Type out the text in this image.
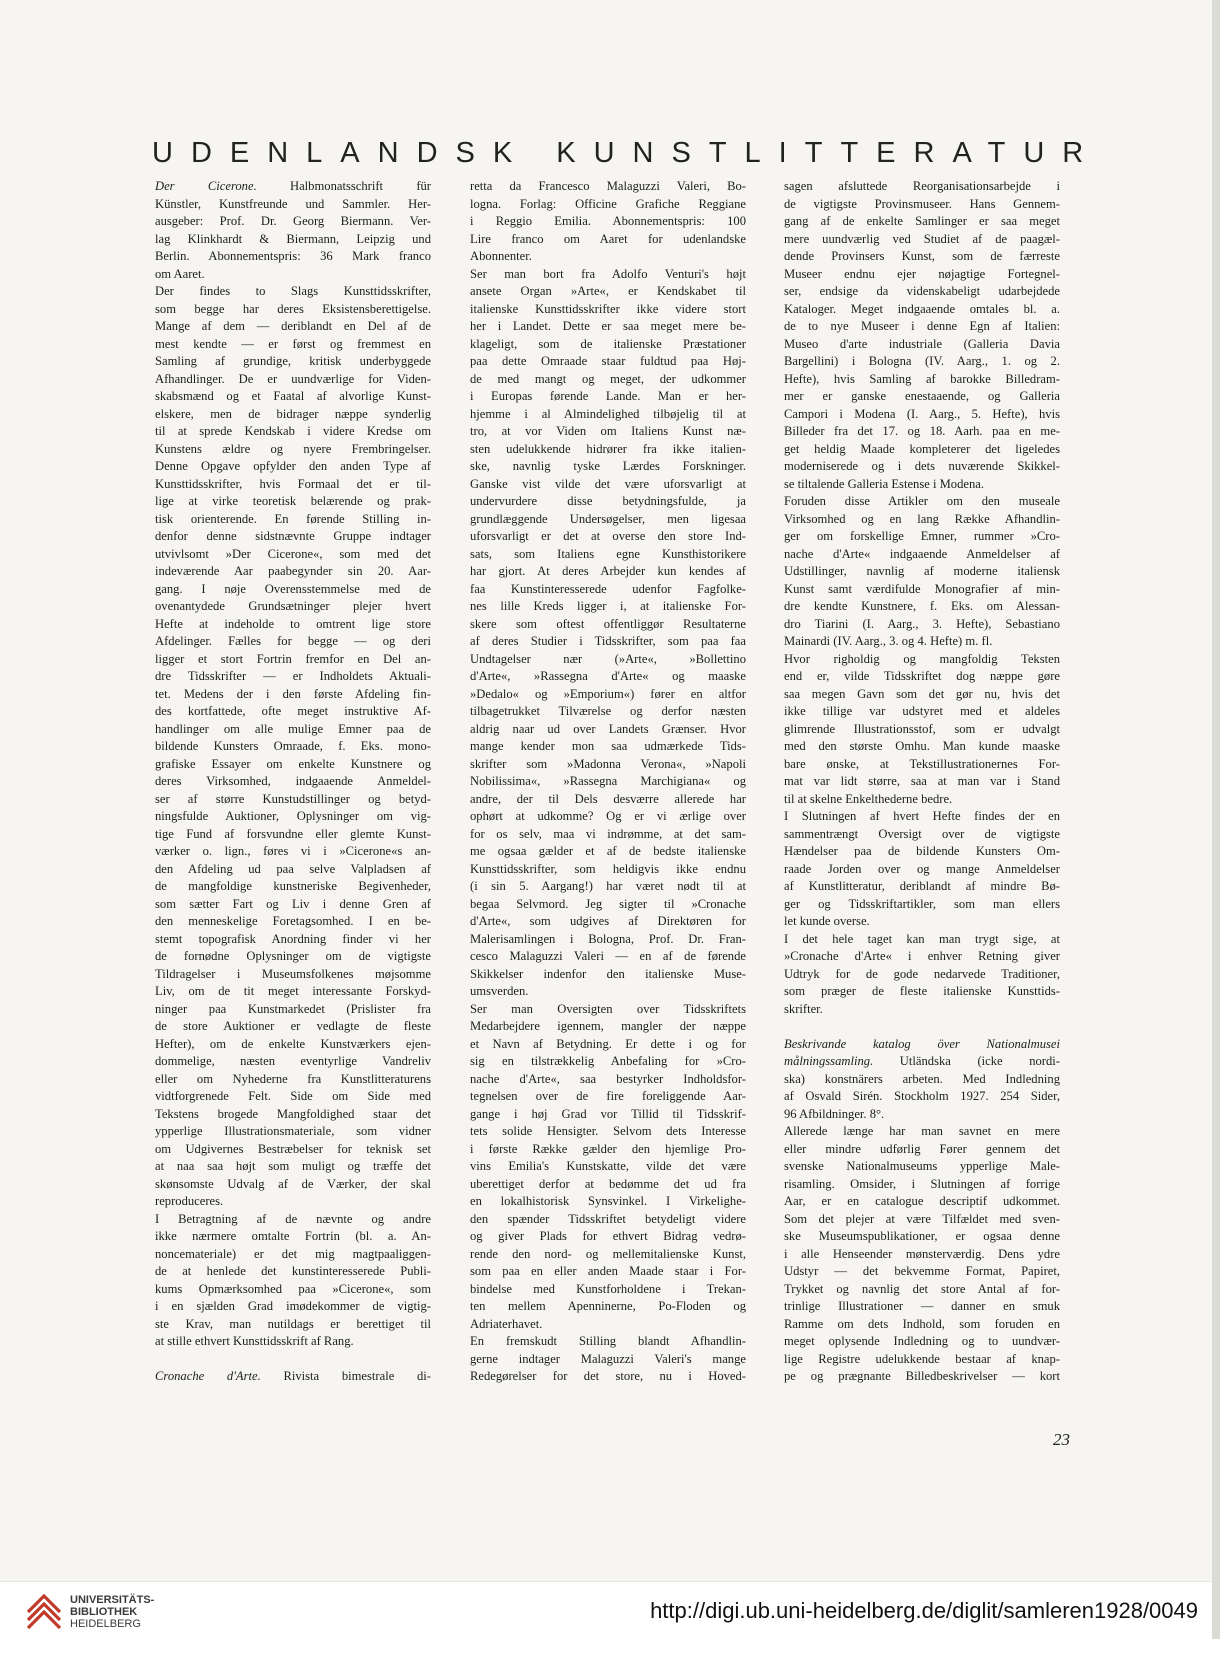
UDENLANDSK KUNSTLITTERATUR
Der Cicerone. Halbmonatsschrift für
Künstler, Kunstfreunde und Sammler. Her-
ausgeber: Prof. Dr. Georg Biermann. Ver-
lag Klinkhardt & Biermann, Leipzig und
Berlin. Abonnementspris: 36 Mark franco
om Aaret.
Der findes to Slags Kunsttidsskrifter,
som begge har deres Eksistensberettigelse.
Mange af dem — deriblandt en Del af de
mest kendte — er først og fremmest en
Samling af grundige, kritisk underbyggede
Afhandlinger. De er uundværlige for Viden-
skabsmænd og et Faatal af alvorlige Kunst-
elskere, men de bidrager næppe synderlig
til at sprede Kendskab i videre Kredse om
Kunstens ældre og nyere Frembringelser.
Denne Opgave opfylder den anden Type af
Kunsttidsskrifter, hvis Formaal det er til-
lige at virke teoretisk belærende og prak-
tisk orienterende. En førende Stilling in-
denfor denne sidstnævnte Gruppe indtager
utvivlsomt »Der Cicerone«, som med det
indeværende Aar paabegynder sin 20. Aar-
gang. I nøje Overensstemmelse med de
ovenantydede Grundsætninger plejer hvert
Hefte at indeholde to omtrent lige store
Afdelinger. Fælles for begge — og deri
ligger et stort Fortrin fremfor en Del an-
dre Tidsskrifter — er Indholdets Aktuali-
tet. Medens der i den første Afdeling fin-
des kortfattede, ofte meget instruktive Af-
handlinger om alle mulige Emner paa de
bildende Kunsters Omraade, f. Eks. mono-
grafiske Essayer om enkelte Kunstnere og
deres Virksomhed, indgaaende Anmeldel-
ser af større Kunstudstillinger og betyd-
ningsfulde Auktioner, Oplysninger om vig-
tige Fund af forsvundne eller glemte Kunst-
værker o. lign., føres vi i »Cicerone«s an-
den Afdeling ud paa selve Valpladsen af
de mangfoldige kunstneriske Begivenheder,
som sætter Fart og Liv i denne Gren af
den menneskelige Foretagsomhed. I en be-
stemt topografisk Anordning finder vi her
de fornødne Oplysninger om de vigtigste
Tildragelser i Museumsfolkenes møjsomme
Liv, om de tit meget interessante Forskyd-
ninger paa Kunstmarkedet (Prislister fra
de store Auktioner er vedlagte de fleste
Hefter), om de enkelte Kunstværkers ejen-
dommelige, næsten eventyrlige Vandreliv
eller om Nyhederne fra Kunstlitteraturens
vidtforgrenede Felt. Side om Side med
Tekstens brogede Mangfoldighed staar det
ypperlige Illustrationsmateriale, som vidner
om Udgivernes Bestræbelser for teknisk set
at naa saa højt som muligt og træffe det
skønsomste Udvalg af de Værker, der skal
reproduceres.
I Betragtning af de nævnte og andre
ikke nærmere omtalte Fortrin (bl. a. An-
noncemateriale) er det mig magtpaaliggen-
de at henlede det kunstinteresserede Publi-
kums Opmærksomhed paa »Cicerone«, som
i en sjælden Grad imødekommer de vigtig-
ste Krav, man nutildags er berettiget til
at stille ethvert Kunsttidsskrift af Rang.
Cronache d'Arte. Rivista bimestrale di-
retta da Francesco Malaguzzi Valeri, Bo-
logna. Forlag: Officine Grafiche Reggiane
i Reggio Emilia. Abonnementspris: 100
Lire franco om Aaret for udenlandske
Abonnenter.
Ser man bort fra Adolfo Venturi's højt
ansete Organ »Arte«, er Kendskabet til
italienske Kunsttidsskrifter ikke videre stort
her i Landet. Dette er saa meget mere be-
klageligt, som de italienske Præstationer
paa dette Omraade staar fuldtud paa Høj-
de med mangt og meget, der udkommer
i Europas førende Lande. Man er her-
hjemme i al Almindelighed tilbøjelig til at
tro, at vor Viden om Italiens Kunst næ-
sten udelukkende hidrører fra ikke italien-
ske, navnlig tyske Lærdes Forskninger.
Ganske vist vilde det være uforsvarligt at
undervurdere disse betydningsfulde, ja
grundlæggende Undersøgelser, men ligesaa
uforsvarligt er det at overse den store Ind-
sats, som Italiens egne Kunsthistorikere
har gjort. At deres Arbejder kun kendes af
faa Kunstinteresserede udenfor Fagfolke-
nes lille Kreds ligger i, at italienske For-
skere som oftest offentliggør Resultaterne
af deres Studier i Tidsskrifter, som paa faa
Undtagelser nær (»Arte«, »Bollettino
d'Arte«, »Rassegna d'Arte« og maaske
»Dedalo« og »Emporium«) fører en altfor
tilbagetrukket Tilværelse og derfor næsten
aldrig naar ud over Landets Grænser. Hvor
mange kender mon saa udmærkede Tids-
skrifter som »Madonna Verona«, »Napoli
Nobilissima«, »Rassegna Marchigiana« og
andre, der til Dels desværre allerede har
ophørt at udkomme? Og er vi ærlige over
for os selv, maa vi indrømme, at det sam-
me ogsaa gælder et af de bedste italienske
Kunsttidsskrifter, som heldigvis ikke endnu
(i sin 5. Aargang!) har været nødt til at
begaa Selvmord. Jeg sigter til »Cronache
d'Arte«, som udgives af Direktøren for
Malerisamlingen i Bologna, Prof. Dr. Fran-
cesco Malaguzzi Valeri — en af de førende
Skikkelser indenfor den italienske Muse-
umsverden.
Ser man Oversigten over Tidsskriftets
Medarbejdere igennem, mangler der næppe
et Navn af Betydning. Er dette i og for
sig en tilstrækkelig Anbefaling for »Cro-
nache d'Arte«, saa bestyrker Indholdsfor-
tegnelsen over de fire foreliggende Aar-
gange i høj Grad vor Tillid til Tidsskrif-
tets solide Hensigter. Selvom dets Interesse
i første Række gælder den hjemlige Pro-
vins Emilia's Kunstskatte, vilde det være
uberettiget derfor at bedømme det ud fra
en lokalhistorisk Synsvinkel. I Virkelighe-
den spænder Tidsskriftet betydeligt videre
og giver Plads for ethvert Bidrag vedrø-
rende den nord- og mellemitalienske Kunst,
som paa en eller anden Maade staar i For-
bindelse med Kunstforholdene i Trekan-
ten mellem Apenninerne, Po-Floden og
Adriaterhavet.
En fremskudt Stilling blandt Afhandlin-
gerne indtager Malaguzzi Valeri's mange
Redegørelser for det store, nu i Hoved-
sagen afsluttede Reorganisationsarbejde i
de vigtigste Provinsmuseer. Hans Gennem-
gang af de enkelte Samlinger er saa meget
mere uundværlig ved Studiet af de paagæl-
dende Provinsers Kunst, som de færreste
Museer endnu ejer nøjagtige Fortegnel-
ser, endsige da videnskabeligt udarbejdede
Kataloger. Meget indgaaende omtales bl. a.
de to nye Museer i denne Egn af Italien:
Museo d'arte industriale (Galleria Davia
Bargellini) i Bologna (IV. Aarg., 1. og 2.
Hefte), hvis Samling af barokke Billedram-
mer er ganske enestaaende, og Galleria
Campori i Modena (I. Aarg., 5. Hefte), hvis
Billeder fra det 17. og 18. Aarh. paa en me-
get heldig Maade kompleterer det ligeledes
moderniserede og i dets nuværende Skikkel-
se tiltalende Galleria Estense i Modena.
Foruden disse Artikler om den museale
Virksomhed og en lang Række Afhandlin-
ger om forskellige Emner, rummer »Cro-
nache d'Arte« indgaaende Anmeldelser af
Udstillinger, navnlig af moderne italiensk
Kunst samt værdifulde Monografier af min-
dre kendte Kunstnere, f. Eks. om Alessan-
dro Tiarini (I. Aarg., 3. Hefte), Sebastiano
Mainardi (IV. Aarg., 3. og 4. Hefte) m. fl.
Hvor righoldig og mangfoldig Teksten
end er, vilde Tidsskriftet dog næppe gøre
saa megen Gavn som det gør nu, hvis det
ikke tillige var udstyret med et aldeles
glimrende Illustrationsstof, som er udvalgt
med den største Omhu. Man kunde maaske
bare ønske, at Tekstillustrationernes For-
mat var lidt større, saa at man var i Stand
til at skelne Enkelthederne bedre.
I Slutningen af hvert Hefte findes der en
sammentrængt Oversigt over de vigtigste
Hændelser paa de bildende Kunsters Om-
raade Jorden over og mange Anmeldelser
af Kunstlitteratur, deriblandt af mindre Bø-
ger og Tidsskriftartikler, som man ellers
let kunde overse.
I det hele taget kan man trygt sige, at
»Cronache d'Arte« i enhver Retning giver
Udtryk for de gode nedarvede Traditioner,
som præger de fleste italienske Kunsttids-
skrifter.
Beskrivande katalog över Nationalmusei
målningssamling. Utländska (icke nordi-
ska) konstnärers arbeten. Med Indledning
af Osvald Sirén. Stockholm 1927. 254 Sider,
96 Afbildninger. 8°.
Allerede længe har man savnet en mere
eller mindre udførlig Fører gennem det
svenske Nationalmuseums ypperlige Male-
risamling. Omsider, i Slutningen af forrige
Aar, er en catalogue descriptif udkommet.
Som det plejer at være Tilfældet med sven-
ske Museumspublikationer, er ogsaa denne
i alle Henseender mønsterværdig. Dens ydre
Udstyr — det bekvemme Format, Papiret,
Trykket og navnlig det store Antal af for-
trinlige Illustrationer — danner en smuk
Ramme om dets Indhold, som foruden en
meget oplysende Indledning og to uundvær-
lige Registre udelukkende bestaar af knap-
pe og prægnante Billedbeskrivelser — kort
23
UNIVERSITÄTS-
BIBLIOTHEK
HEIDELBERG
http://digi.ub.uni-heidelberg.de/diglit/samleren1928/0049
